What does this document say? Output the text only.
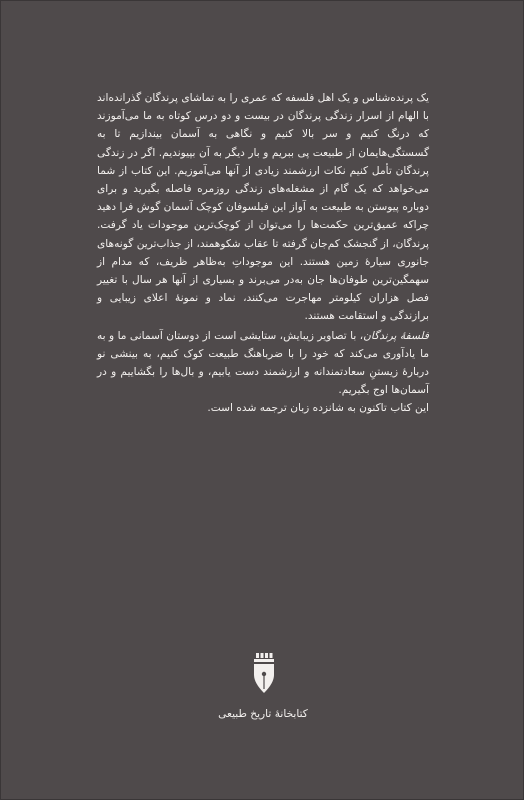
یک پرنده‌شناس و یک اهل فلسفه که عمری را به تماشای پرندگان گذرانده‌اند با الهام از اسرار زندگی پرندگان در بیست و دو درس کوتاه به ما می‌آموزند که درنگ کنیم و سر بالا کنیم و نگاهی به آسمان بیندازیم تا به گسستگی‌هایمان از طبیعت پی ببریم و بار دیگر به آن بپیوندیم. اگر در زندگی پرندگان تأمل کنیم نکات ارزشمند زیادی از آنها می‌آموزیم. این کتاب از شما می‌خواهد که یک گام از مشغله‌های زندگی روزمره فاصله بگیرید و برای دوباره پیوستن به طبیعت به آواز این فیلسوفان کوچک آسمان گوش فرا دهید چراکه عمیق‌ترین حکمت‌ها را می‌توان از کوچک‌ترین موجودات یاد گرفت. پرندگان، از گنجشک کم‌جان گرفته تا عقاب شکوهمند، از جذاب‌ترین گونه‌های جانوری سیارهٔ زمین هستند. این موجوداتِ به‌ظاهر ظریف، که مدام از سهمگین‌ترین طوفان‌ها جان به‌در می‌برند و بسیاری از آنها هر سال با تغییر فصل هزاران کیلومتر مهاجرت می‌کنند، نماد و نمونهٔ اعلای زیبایی و برازندگی و استقامت هستند.

فلسفهٔ پرندگان، با تصاویر زیبایش، ستایشی است از دوستان آسمانی ما و به ما یادآوری می‌کند که خود را با ضرباهنگ طبیعت کوک کنیم، به بینشی نو دربارهٔ زیستنِ سعادتمندانه و ارزشمند دست یابیم، و بال‌ها را بگشاییم و در آسمان‌ها اوج بگیریم.

این کتاب تاکنون به شانزده زبان ترجمه شده است.

کتابخانهٔ تاریخ طبیعی
